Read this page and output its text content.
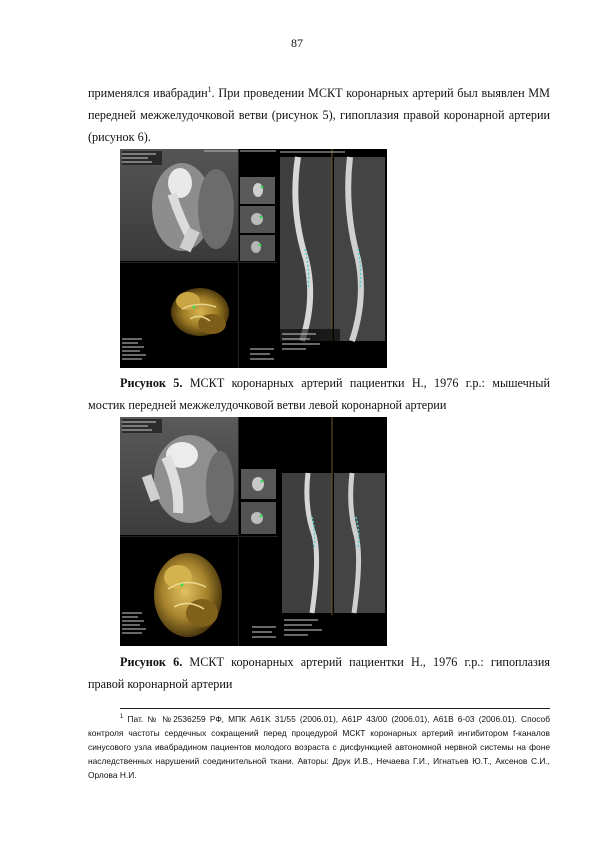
87
применялся ивабрадин$^1$. При проведении МСКТ коронарных артерий был выявлен ММ передней межжелудочковой ветви (рисунок 5), гипоплазия правой коронарной артерии (рисунок 6).
Рисунок 5. МСКТ коронарных артерий пациентки Н., 1976 г.р.: мышечный мостик передней межжелудочковой ветви левой коронарной артерии
Рисунок 6. МСКТ коронарных артерий пациентки Н., 1976 г.р.: гипоплазия правой коронарной артерии
$^1$ Пат. № №2536259 РФ, МПК A61K 31/55 (2006.01), A61P 43/00 (2006.01), A61B 6-03 (2006.01). Способ контроля частоты сердечных сокращений перед процедурой МСКТ коронарных артерий ингибитором f-каналов синусового узла ивабрадином пациентов молодого возраста с дисфункцией автономной нервной системы на фоне наследственных нарушений соединительной ткани. Авторы: Друк И.В., Нечаева Г.И., Игнатьев Ю.Т., Аксенов С.И., Орлова Н.И.
